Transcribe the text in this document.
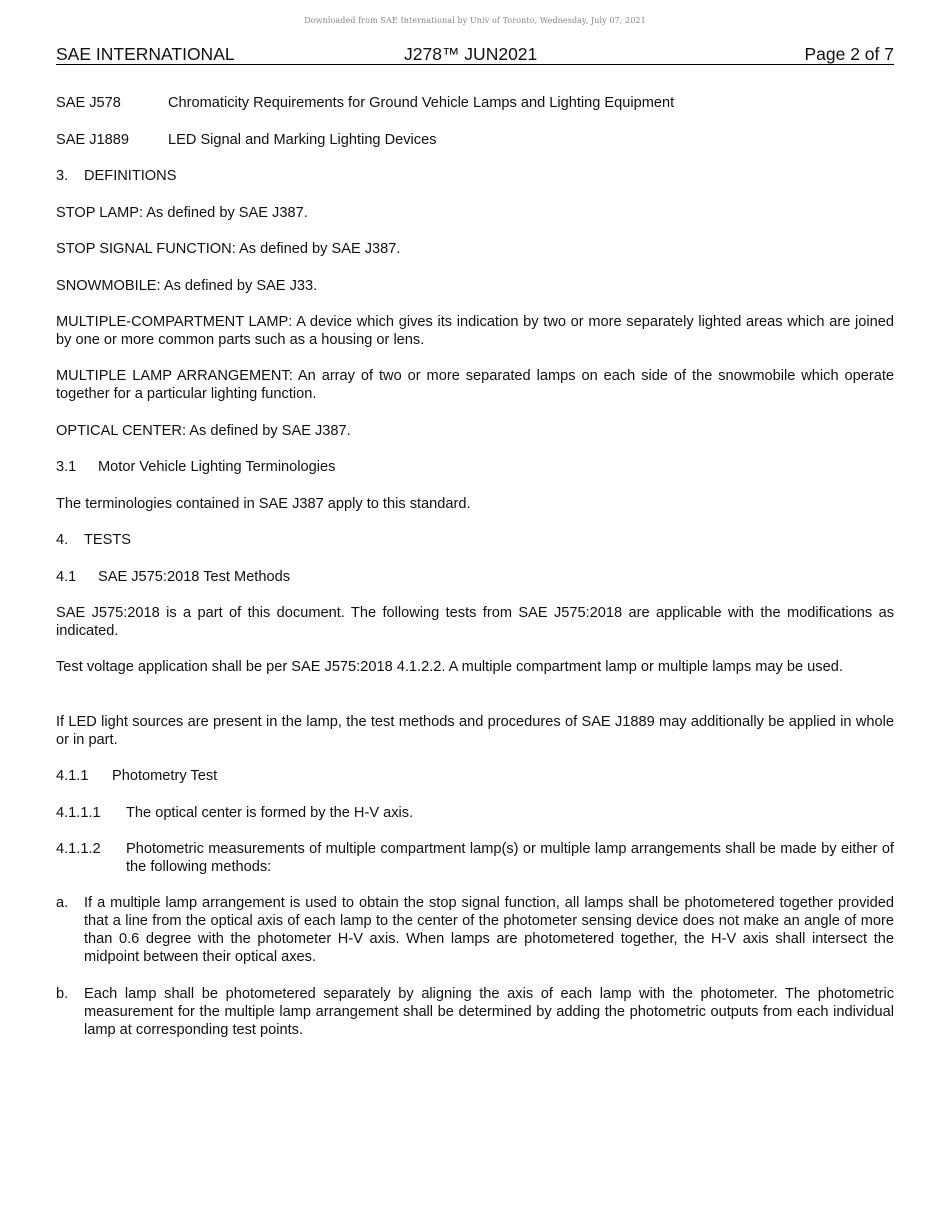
Downloaded from SAE International by Univ of Toronto, Wednesday, July 07, 2021
SAE INTERNATIONAL	J278™ JUN2021	Page 2 of 7
SAE J578	Chromaticity Requirements for Ground Vehicle Lamps and Lighting Equipment
SAE J1889	LED Signal and Marking Lighting Devices
3. DEFINITIONS
STOP LAMP: As defined by SAE J387.
STOP SIGNAL FUNCTION: As defined by SAE J387.
SNOWMOBILE: As defined by SAE J33.
MULTIPLE-COMPARTMENT LAMP: A device which gives its indication by two or more separately lighted areas which are joined by one or more common parts such as a housing or lens.
MULTIPLE LAMP ARRANGEMENT: An array of two or more separated lamps on each side of the snowmobile which operate together for a particular lighting function.
OPTICAL CENTER: As defined by SAE J387.
3.1 Motor Vehicle Lighting Terminologies
The terminologies contained in SAE J387 apply to this standard.
4. TESTS
4.1 SAE J575:2018 Test Methods
SAE J575:2018 is a part of this document. The following tests from SAE J575:2018 are applicable with the modifications as indicated.
Test voltage application shall be per SAE J575:2018 4.1.2.2. A multiple compartment lamp or multiple lamps may be used.
If LED light sources are present in the lamp, the test methods and procedures of SAE J1889 may additionally be applied in whole or in part.
4.1.1 Photometry Test
4.1.1.1 The optical center is formed by the H-V axis.
4.1.1.2 Photometric measurements of multiple compartment lamp(s) or multiple lamp arrangements shall be made by either of the following methods:
a. If a multiple lamp arrangement is used to obtain the stop signal function, all lamps shall be photometered together provided that a line from the optical axis of each lamp to the center of the photometer sensing device does not make an angle of more than 0.6 degree with the photometer H-V axis. When lamps are photometered together, the H-V axis shall intersect the midpoint between their optical axes.
b. Each lamp shall be photometered separately by aligning the axis of each lamp with the photometer. The photometric measurement for the multiple lamp arrangement shall be determined by adding the photometric outputs from each individual lamp at corresponding test points.
